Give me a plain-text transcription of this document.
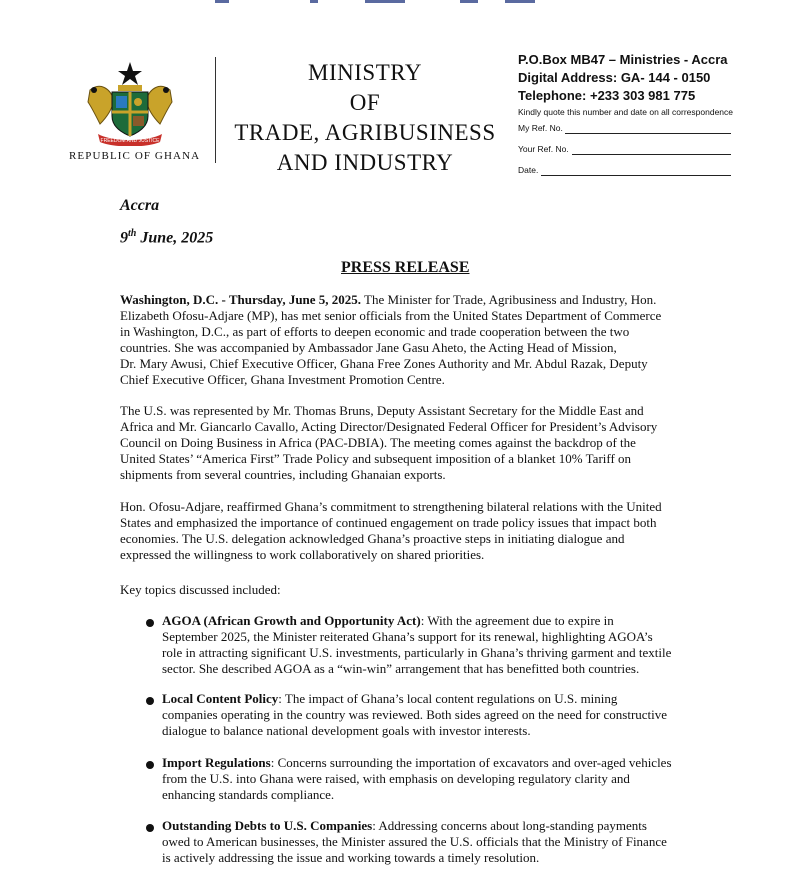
FREEDOM AND JUSTICE
REPUBLIC OF GHANA
MINISTRY
OF
TRADE, AGRIBUSINESS
AND INDUSTRY
P.O.Box MB47 – Ministries - Accra
Digital Address: GA- 144 - 0150
Telephone: +233 303 981 775
Kindly quote this number and date on all correspondence
My Ref. No.
Your Ref. No.
Date.
Accra
9th June, 2025
PRESS RELEASE
Washington, D.C. - Thursday, June 5, 2025. The Minister for Trade, Agribusiness and Industry, Hon.
Elizabeth Ofosu-Adjare (MP), has met senior officials from the United States Department of Commerce
in Washington, D.C., as part of efforts to deepen economic and trade cooperation between the two
countries. She was accompanied by Ambassador Jane Gasu Aheto, the Acting Head of Mission,
Dr. Mary Awusi, Chief Executive Officer, Ghana Free Zones Authority and Mr. Abdul Razak, Deputy
Chief Executive Officer, Ghana Investment Promotion Centre.
The U.S. was represented by Mr. Thomas Bruns, Deputy Assistant Secretary for the Middle East and
Africa and Mr. Giancarlo Cavallo, Acting Director/Designated Federal Officer for President’s Advisory
Council on Doing Business in Africa (PAC-DBIA). The meeting comes against the backdrop of the
United States’ “America First” Trade Policy and subsequent imposition of a blanket 10% Tariff on
shipments from several countries, including Ghanaian exports.
Hon. Ofosu-Adjare, reaffirmed Ghana’s commitment to strengthening bilateral relations with the United
States and emphasized the importance of continued engagement on trade policy issues that impact both
economies. The U.S. delegation acknowledged Ghana’s proactive steps in initiating dialogue and
expressed the willingness to work collaboratively on shared priorities.
Key topics discussed included:
AGOA (African Growth and Opportunity Act): With the agreement due to expire in
September 2025, the Minister reiterated Ghana’s support for its renewal, highlighting AGOA’s
role in attracting significant U.S. investments, particularly in Ghana’s thriving garment and textile
sector. She described AGOA as a “win-win” arrangement that has benefitted both countries.
Local Content Policy: The impact of Ghana’s local content regulations on U.S. mining
companies operating in the country was reviewed. Both sides agreed on the need for constructive
dialogue to balance national development goals with investor interests.
Import Regulations: Concerns surrounding the importation of excavators and over-aged vehicles
from the U.S. into Ghana were raised, with emphasis on developing regulatory clarity and
enhancing standards compliance.
Outstanding Debts to U.S. Companies: Addressing concerns about long-standing payments
owed to American businesses, the Minister assured the U.S. officials that the Ministry of Finance
is actively addressing the issue and working towards a timely resolution.
